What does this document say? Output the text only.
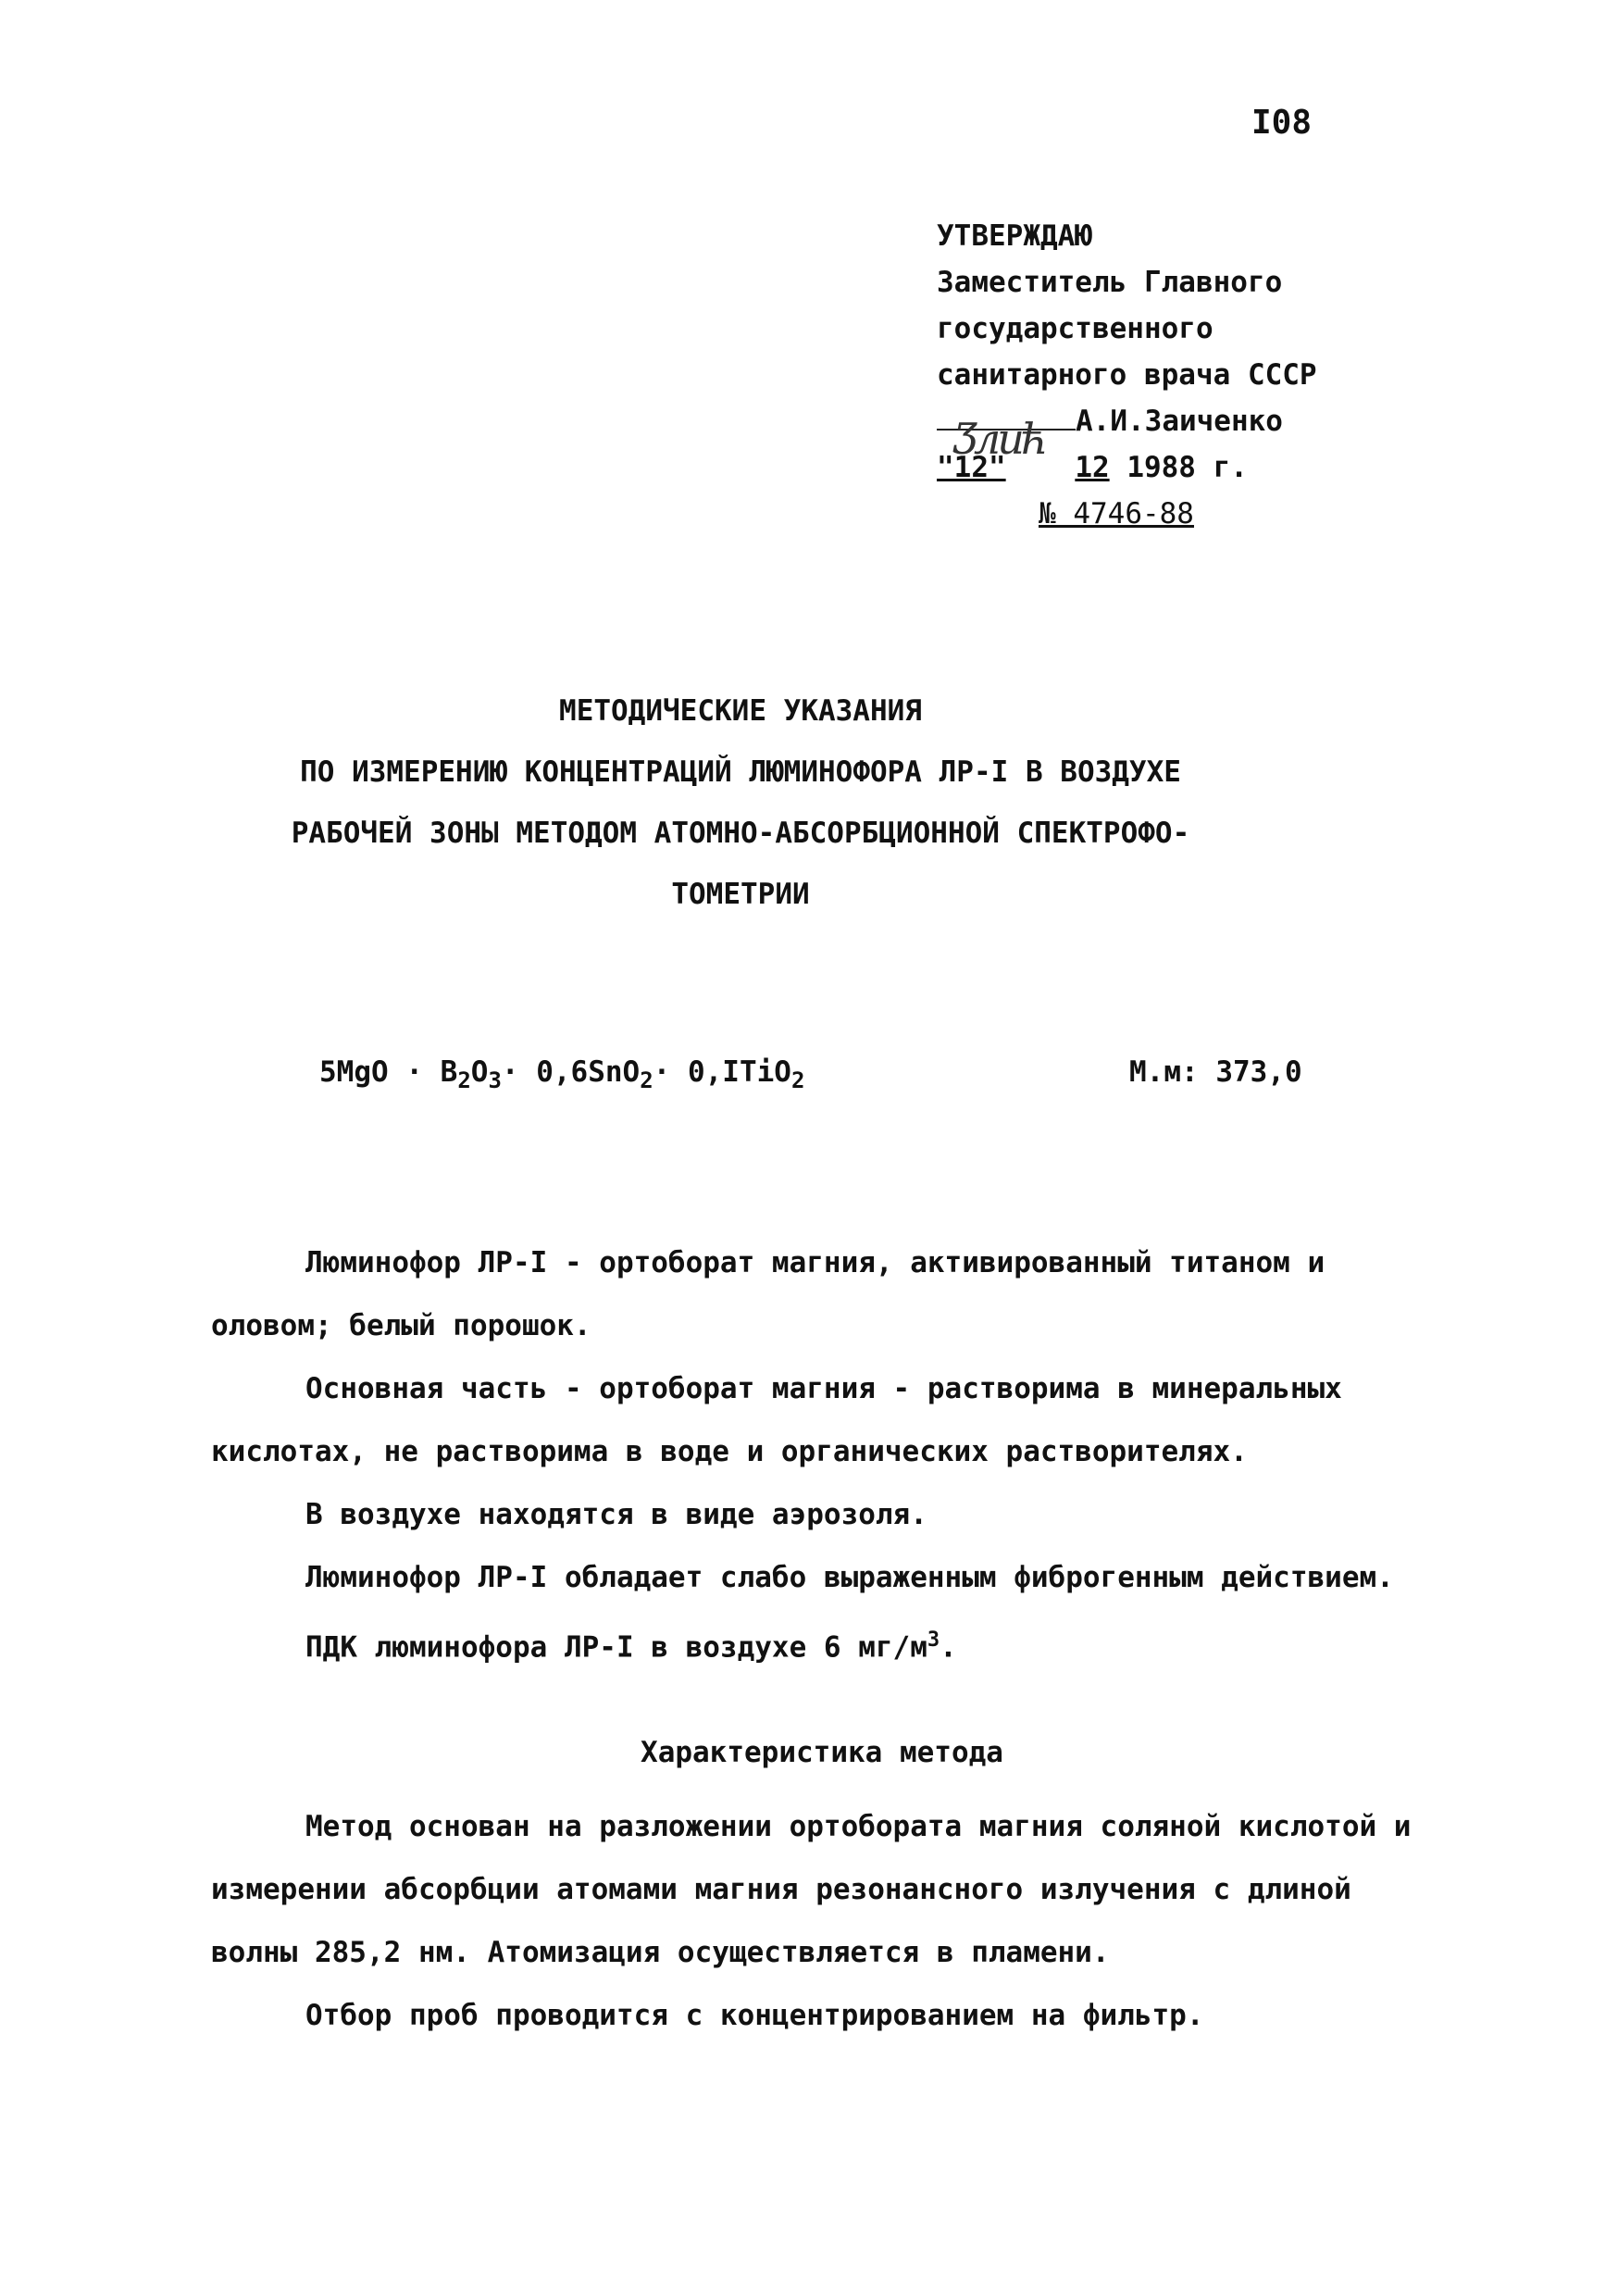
I08
УТВЕРЖДАЮ
Заместитель Главного
государственного
санитарного врача СССР
Ӡлић А.И.Заиченко
"12" 12 1988 г.
№ 4746-88
МЕТОДИЧЕСКИЕ УКАЗАНИЯ
ПО ИЗМЕРЕНИЮ КОНЦЕНТРАЦИЙ ЛЮМИНОФОРА ЛР-I В ВОЗДУХЕ
РАБОЧЕЙ ЗОНЫ МЕТОДОМ АТОМНО-АБСОРБЦИОННОЙ СПЕКТРОФО-
ТОМЕТРИИ
$5MgO \cdot B_2O_3\cdot 0,6SnO_2\cdot$ 0,ITiO$_2$	М.м: 373,0

Люминофор ЛР-I - ортоборат магния, активированный титаном и оловом; белый порошок.

Основная часть - ортоборат магния - растворима в минеральных кислотах, не растворима в воде и органических растворителях.

В воздухе находятся в виде аэрозоля.

Люминофор ЛР-I обладает слабо выраженным фиброгенным действием.

ПДК люминофора ЛР-I в воздухе 6 $мг/м^3$.

Характеристика метода

Метод основан на разложении ортобората магния соляной кислотой и измерении абсорбции атомами магния резонансного излучения с длиной волны 285,2 нм. Атомизация осуществляется в пламени.

Отбор проб проводится с концентрированием на фильтр.
